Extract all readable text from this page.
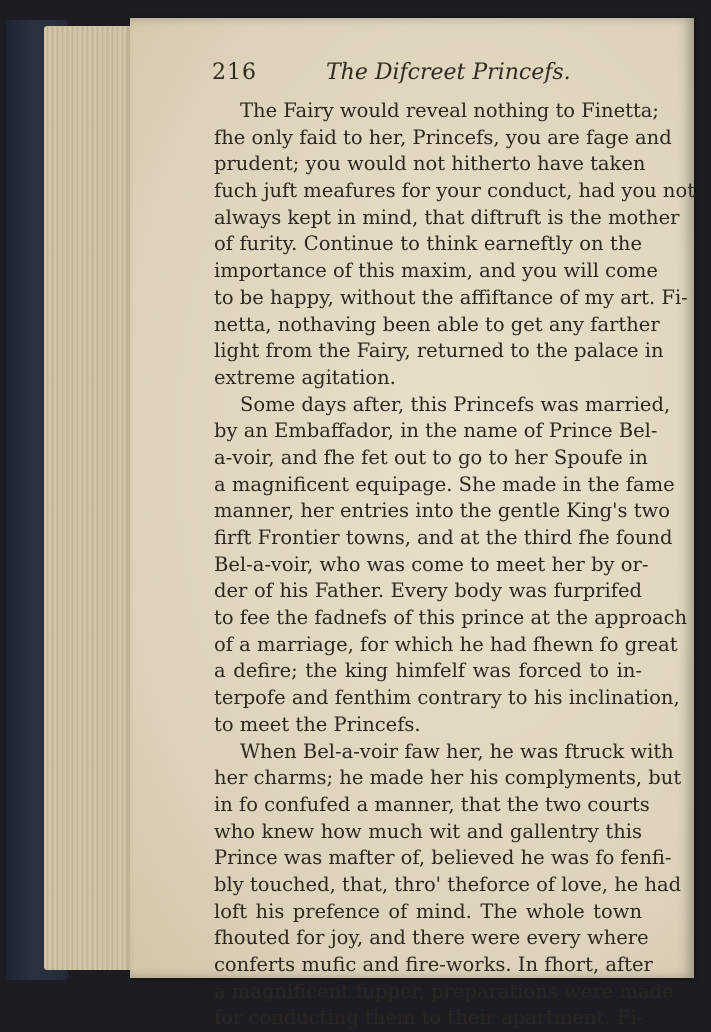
216	The Difcreet Princefs.
The Fairy would reveal nothing to Finetta;
fhe only faid to her, Princefs, you are fage and
prudent; you would not hitherto have taken
fuch juft meafures for your conduct, had you not
always kept in mind, that diftruft is the mother
of furity. Continue to think earneftly on the
importance of this maxim, and you will come
to be happy, without the affiftance of my art. Fi-
netta, nothaving been able to get any farther
light from the Fairy, returned to the palace in
extreme agitation.
Some days after, this Princefs was married,
by an Embaffador, in the name of Prince Bel-
a-voir, and fhe fet out to go to her Spoufe in
a magnificent equipage. She made in the fame
manner, her entries into the gentle King's two
firft Frontier towns, and at the third fhe found
Bel-a-voir, who was come to meet her by or-
der of his Father. Every body was furprifed
to fee the fadnefs of this prince at the approach
of a marriage, for which he had fhewn fo great
a defire; the king himfelf was forced to in-
terpofe and fenthim contrary to his inclination,
to meet the Princefs.
When Bel-a-voir faw her, he was ftruck with
her charms; he made her his complyments, but
in fo confufed a manner, that the two courts
who knew how much wit and gallentry this
Prince was mafter of, believed he was fo fenfi-
bly touched, that, thro' theforce of love, he had
loft his prefence of mind. The whole town
fhouted for joy, and there were every where
conferts mufic and fire-works. In fhort, after
a magnificent fupper, preparations were made
for conducting them to their apartment. Fi-
